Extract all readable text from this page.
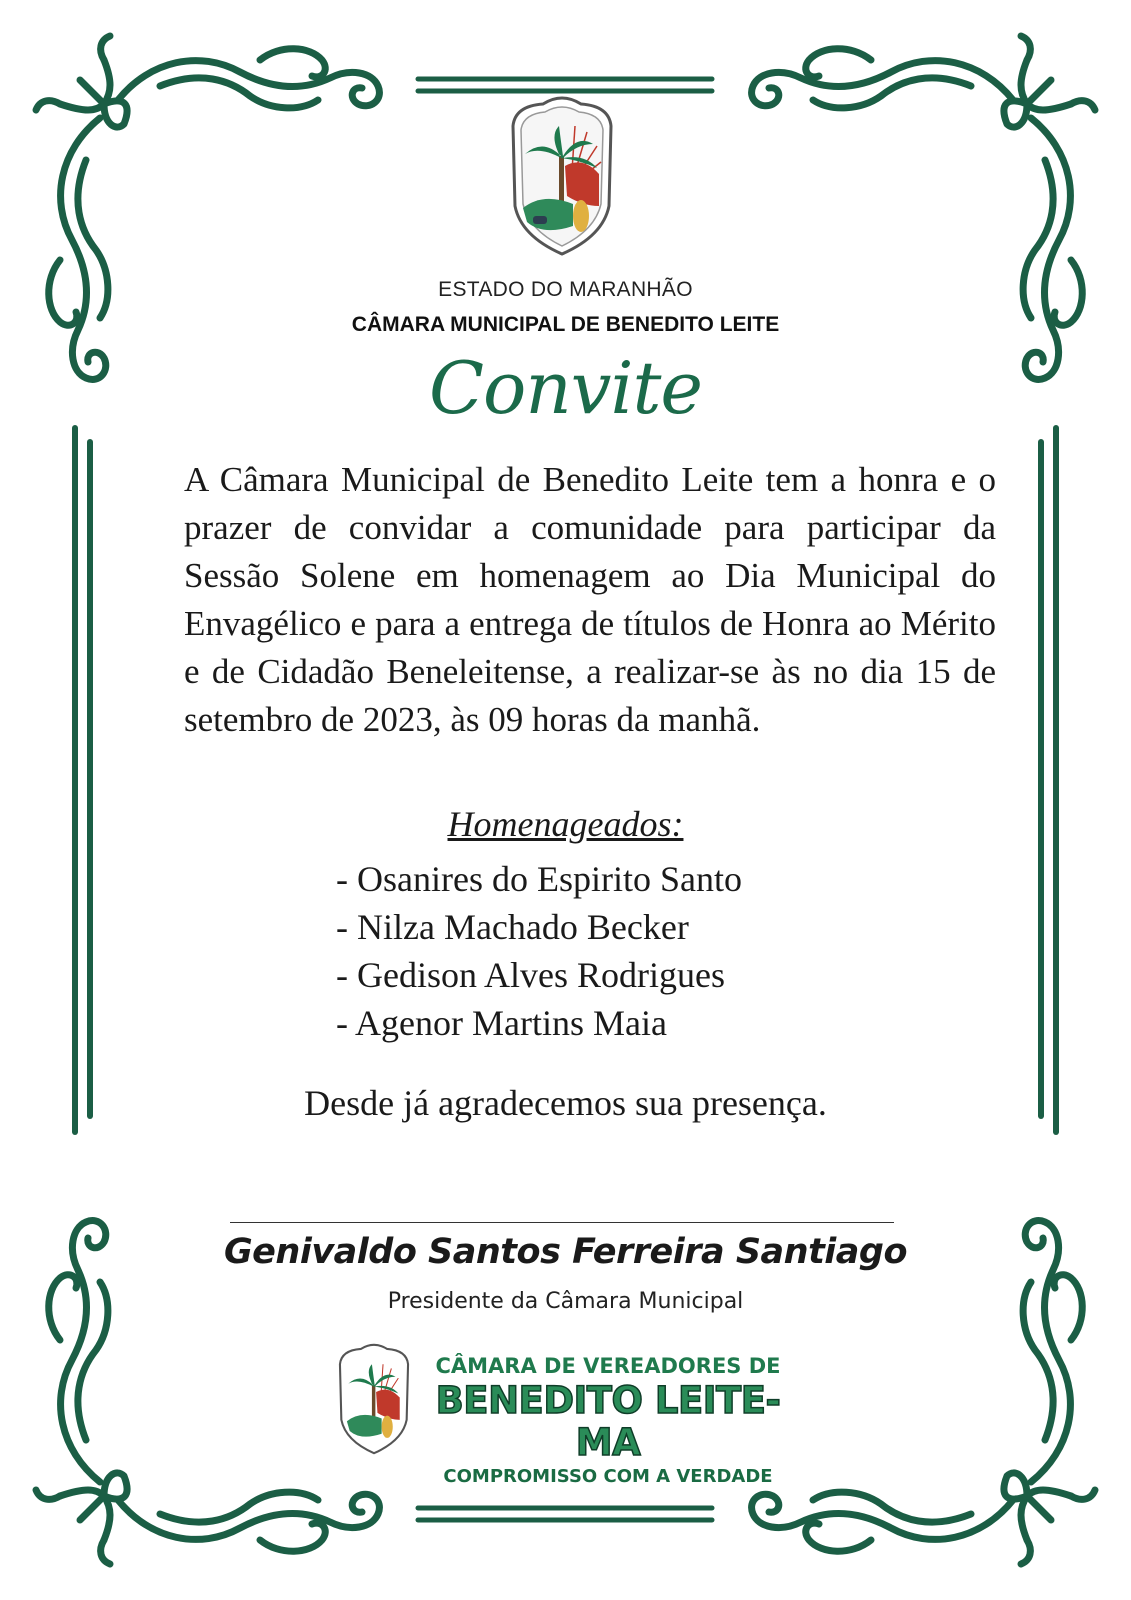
ESTADO DO MARANHÃO
CÂMARA MUNICIPAL DE BENEDITO LEITE
Convite
A Câmara Municipal de Benedito Leite tem a honra e o prazer de convidar a comunidade para participar da Sessão Solene em homenagem ao Dia Municipal do Envagélico e para a entrega de títulos de Honra ao Mérito e de Cidadão Beneleitense, a realizar-se às no dia 15 de setembro de 2023, às 09 horas da manhã.
Homenageados:
- Osanires do Espirito Santo
- Nilza Machado Becker
- Gedison Alves Rodrigues
- Agenor Martins Maia
Desde já agradecemos sua presença.
Genivaldo Santos Ferreira Santiago
Presidente da Câmara Municipal
CÂMARA DE VEREADORES DE
BENEDITO LEITE-MA
COMPROMISSO COM A VERDADE
